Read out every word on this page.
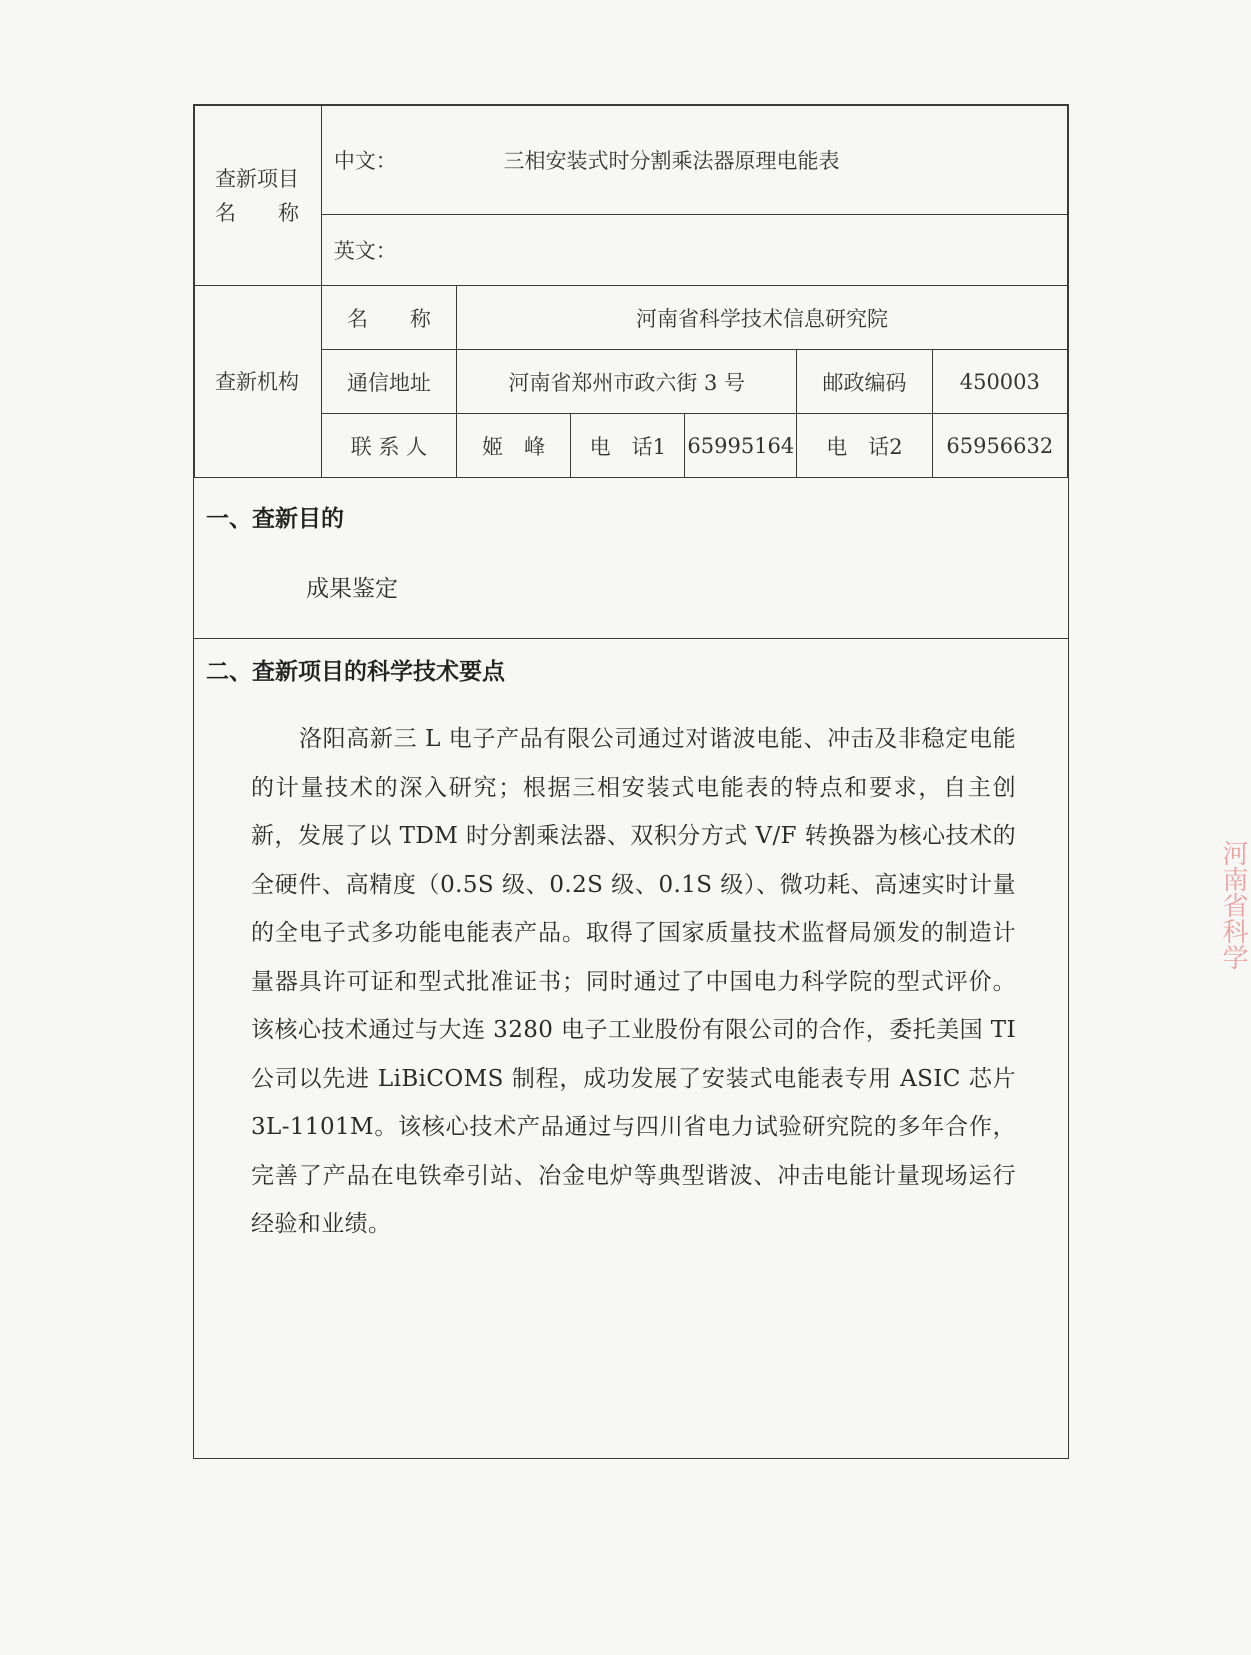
查新项目
名　　称	中文： 三相安装式时分割乘法器原理电能表					
	英文：					
查新机构	名　　称	河南省科学技术信息研究院				
	通信地址	河南省郑州市政六街 3 号			邮政编码	450003
	联 系 人	姬　峰	电　话1	65995164	电　话2	65956632
一、查新目的
成果鉴定
二、查新项目的科学技术要点
洛阳高新三 L 电子产品有限公司通过对谐波电能、冲击及非稳定电能的计量技术的深入研究；根据三相安装式电能表的特点和要求，自主创新，发展了以 TDM 时分割乘法器、双积分方式 V/F 转换器为核心技术的全硬件、高精度（0.5S 级、0.2S 级、0.1S 级）、微功耗、高速实时计量的全电子式多功能电能表产品。取得了国家质量技术监督局颁发的制造计量器具许可证和型式批准证书；同时通过了中国电力科学院的型式评价。该核心技术通过与大连 3280 电子工业股份有限公司的合作，委托美国 TI 公司以先进 LiBiCOMS 制程，成功发展了安装式电能表专用 ASIC 芯片 3L-1101M。该核心技术产品通过与四川省电力试验研究院的多年合作，完善了产品在电铁牵引站、冶金电炉等典型谐波、冲击电能计量现场运行经验和业绩。
河南省科学
